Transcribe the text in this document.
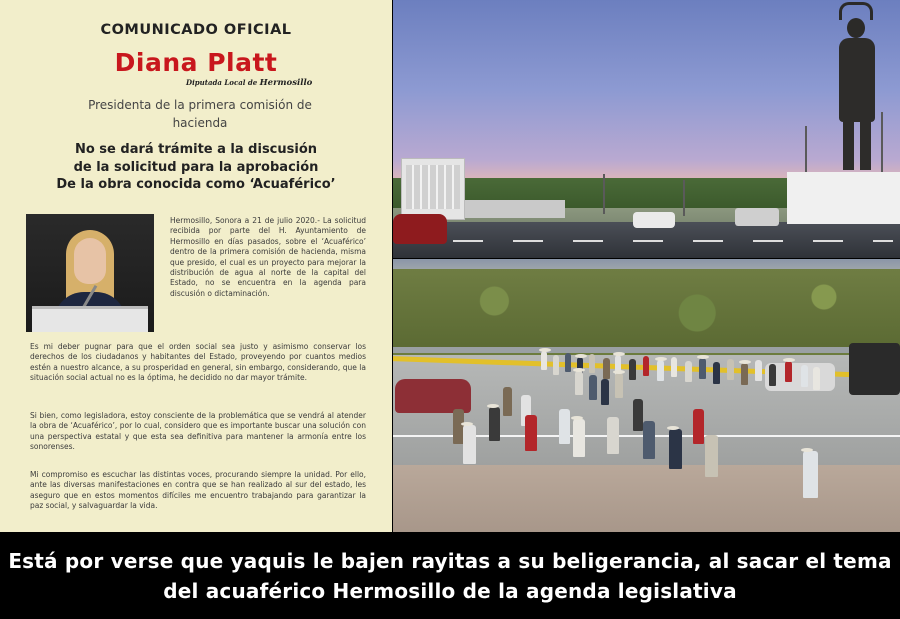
COMUNICADO OFICIAL
Diana Platt
Diputada Local de Hermosillo
Presidenta de la primera comisión de hacienda
No se dará trámite a la discusión
de la solicitud para la aprobación
De la obra conocida como ‘Acuaférico’

Hermosillo, Sonora a 21 de julio 2020.- La solicitud recibida por parte del H. Ayuntamiento de Hermosillo en días pasados, sobre el ‘Acuaférico’ dentro de la primera comisión de hacienda, misma que presido, el cual es un proyecto para mejorar la distribución de agua al norte de la capital del Estado, no se encuentra en la agenda para discusión o dictaminación.

Es mi deber pugnar para que el orden social sea justo y asimismo conservar los derechos de los ciudadanos y habitantes del Estado, proveyendo por cuantos medios estén a nuestro alcance, a su prosperidad en general, sin embargo, considerando, que la situación social actual no es la óptima, he decidido no dar mayor trámite.

Si bien, como legisladora, estoy consciente de la problemática que se vendrá al atender la obra de ‘Acuaférico’, por lo cual, considero que es importante buscar una solución con una perspectiva estatal y que esta sea definitiva para mantener la armonía entre los sonorenses.

Mi compromiso es escuchar las distintas voces, procurando siempre la unidad. Por ello, ante las diversas manifestaciones en contra que se han realizado al sur del estado, les aseguro que en estos momentos difíciles me encuentro trabajando para garantizar la paz social, y salvaguardar la vida.

Está por verse que yaquis le bajen rayitas a su beligerancia, al sacar el tema del acuaférico Hermosillo de la agenda legislativa
